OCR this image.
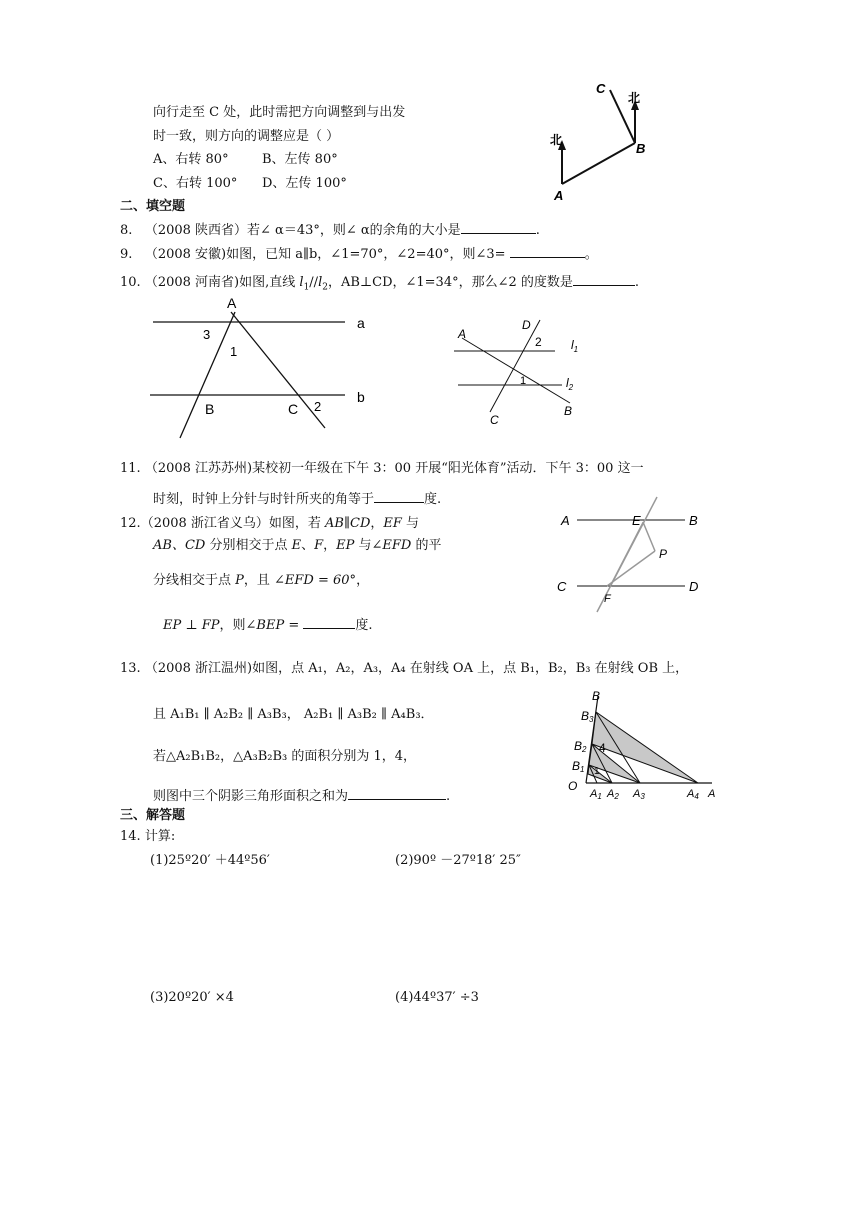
向行走至 C 处，此时需把方向调整到与出发
时一致，则方向的调整应是（ ）
A、右转 80°	B、左传 80°
C、右转 100° D、左传 100°
北
北
A
B
C
二、填空题
8. （2008 陕西省）若∠ α＝43°，则∠ α的余角的大小是	.
9. （2008 安徽)如图，已知 a∥b，∠1=70°，∠2=40°，则∠3=	。
10. （2008 河南省)如图,直线 $l_1//l_2$，AB⊥CD，∠1=34°，那么∠2 的度数是	.
A
a
b
B	C
1
2
3	A
D
2 $l_1$
1	$l_2$
C
B
11. （2008 江苏苏州)某校初一年级在下午 3：00 开展“阳光体育”活动．下午 3：00 这一
时刻，时钟上分针与时针所夹的角等于	度.
12.（2008 浙江省义乌）如图，若 AB∥CD，EF 与
AB、CD 分别相交于点 E、F，EP 与∠EFD 的平
分线相交于点 P，且 ∠EFD = 60°，
EP ⊥ FP，则∠BEP =	度.
A	E	B
P
C
F
D
13. （2008 浙江温州)如图，点 A₁，A₂，A₃，A₄ 在射线 OA 上，点 B₁，B₂，B₃ 在射线 OB 上，
且 A₁B₁ ∥ A₂B₂ ∥ A₃B₃， A₂B₁ ∥ A₃B₂ ∥ A₄B₃．
若△A₂B₁B₂，△A₃B₂B₃ 的面积分别为 1，4，
则图中三个阴影三角形面积之和为	.
B
B3
B2
B1
O
A1 A2 A3	A4 A
1
4
三、解答题
14. 计算:
(1)25º20′ ＋44º56′	(2)90º －27º18′ 25″
(3)20º20′ ×4	(4)44º37′ ÷3
